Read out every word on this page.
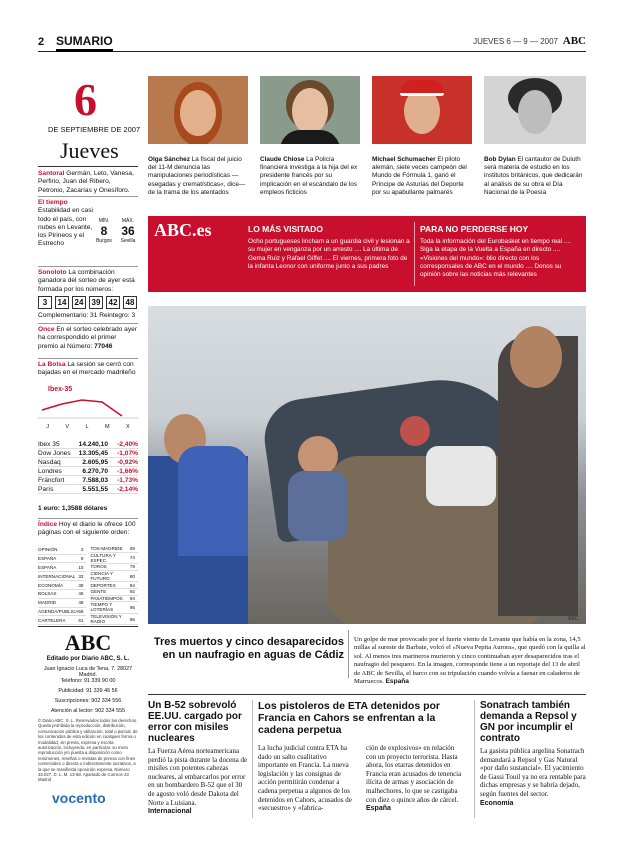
2 SUMARIO	JUEVES 6 — 9 — 2007 ABC
6
DE SEPTIEMBRE DE 2007
Jueves
Santoral Germán, Leto, Vanesa, Perfirio, Juan del Ribero, Petronio, Zacarías y Onesíforo.
El tiempo
Estabilidad en casi todo el país, con nubes en Levante, los Pirineos y el Estrecho
MÍN.
8
Burgos
MÁX.
36
Sevilla
Sonoloto La combinación ganadora del sorteo de ayer está formada por los números:
3	14	24	39	42	48
Complementario: 31 Reintegro: 3
Once En el sorteo celebrado ayer ha correspondido el primer premio al Número: 77046
La Bolsa La sesión se cerró con bajadas en el mercado madrileño
Ibex-35
J	V	L	M	X
Ibex 35	14.240,10	-2,40%
Dow Jones	13.305,45	-1,07%
Nasdaq	2.605,95	-0,92%
Londres	6.270,70	-1,66%
Fráncfort	7.588,03	-1,73%
París	5.551,55	-2,14%
1 euro: 1,3588 dólares
Índice Hoy el diario le ofrece 100 páginas con el siguiente orden:
OPINIÓN	3
ESPAÑA	9
ESPAÑA	10
INTERNACIONAL	33
ECONOMÍA	39
BOLSAS	46
MADRID	48
AGENDA/PUBLICA	56
CARTELERA	61
TOS-MADRIDE	69
CULTURA Y ESPEC.	74
TOROS	79
CIENCIA Y FUTURO	80
DEPORTES	84
GENTE	92
PASATIEMPOS	94
TIEMPO Y LOTERÍAS	95
TELEVISIÓN Y RADIO	96
ABC
Editado por Diario ABC, S. L.
Juan Ignacio Luca de Tena, 7. 28027 Madrid.
Teléfono: 91 339 90 00
Publicidad: 91 339 46 56
Suscripciones: 902 334 556
Atención al lector: 902 334 555
© Diario ABC, S. L. Reservados todos los derechos. Queda prohibida la reproducción, distribución, comunicación pública y utilización, total o parcial, de los contenidos de esta edición en cualquier forma o modalidad, sin previa, expresa y escrita autorización, incluyendo, en particular, su mera reproducción y/o puesta a disposición como resúmenes, reseñas o revistas de prensa con fines comerciales o directa o indirectamente lucrativos, a la que se manifiesta oposición expresa. Número 33.027. D. L. M. 13-58. Apartado de Correos 43 Madrid
vocento
Olga Sánchez La fiscal del juicio del 11-M denuncia las manipulaciones periodísticas —esegadas y crematísticas«, dice— de la trama de los atentados
Claude Chiose La Policía financiera investiga a la hija del ex presidente francés por su implicación en el escándalo de los empleos ficticios
Michael Schumacher El piloto alemán, siete veces campeón del Mundo de Fórmula 1, ganó el Príncipe de Asturias del Deporte por su apabullante palmarés
Bob Dylan El cantautor de Duluth será materia de estudio en los institutos británicos, que dedicarán al análisis de su obra el Día Nacional de la Poesía
ABC.es	LO MÁS VISITADO
Ocho portugueses lincham a un guardia civil y lesionan a su mujer en venganza por un arresto .... La última de Gema Ruiz y Rafael Giffet .... El viernes, primera foto de la infanta Leonor con uniforme junto a sus padres
PARA NO PERDERSE HOY
Toda la información del Eurobasket en tiempo real .... Siga la etapa de la Vuelta a España en directo .... «Visiones del mundo»: blio directo con los corresponsales de ABC en el mundo .... Donos su opinión sobre las noticias más relevantes
ABC
Tres muertos y cinco desaparecidos en un naufragio en aguas de Cádiz
Un golpe de mar provocado por el fuerte viento de Levante que había en la zona, 14,5 millas al sureste de Barbate, volcó el «Nueva Pepita Aurora», que quedó con la quilla al sol. Al menos tres marineros murieron y cinco continuaban ayer desaparecidos tras el naufragio del pesquero. En la imagen, corresponde tiene a un reportaje del 13 de abril de ABC de Sevilla, el barco con su tripulación cuando volvía a faenar en caladeros de Marruecos. España
Un B-52 sobrevoló EE.UU. cargado por error con misiles nucleares

La Fuerza Aérea norteamericana perdió la pista durante la docena de misiles con potentes cabezas nucleares, al embarcarlos por error en un bombardero B-52 que el 30 de agosto voló desde Dakota del Norte a Luisiana.
Internacional

Los pistoleros de ETA detenidos por Francia en Cahors se enfrentan a la cadena perpetua

La lucha judicial contra ETA ha dado un salto cualitativo importante en Francia. La nueva legislación y las consignas de acción permitirán condenar a cadena perpetua a algunos de los detenidos en Cahors, acusados de «secuestro» y «fabrica-

ción de explosivos» en relación con un proyecto terrorista. Hasta ahora, los etarras detenidos en Francia eran acusados de tenencia ilícita de armas y asociación de malhechores, lo que se castigaba con diez o quince años de cárcel.
España

Sonatrach también demanda a Repsol y GN por incumplir el contrato

La gasista pública argelina Sonatrach demandará a Repsol y Gas Natural «por daño sustancial». El yacimiento de Gassi Touil ya no era rentable para dichas empresas y se habría dejado, según fuentes del sector.
Economía
